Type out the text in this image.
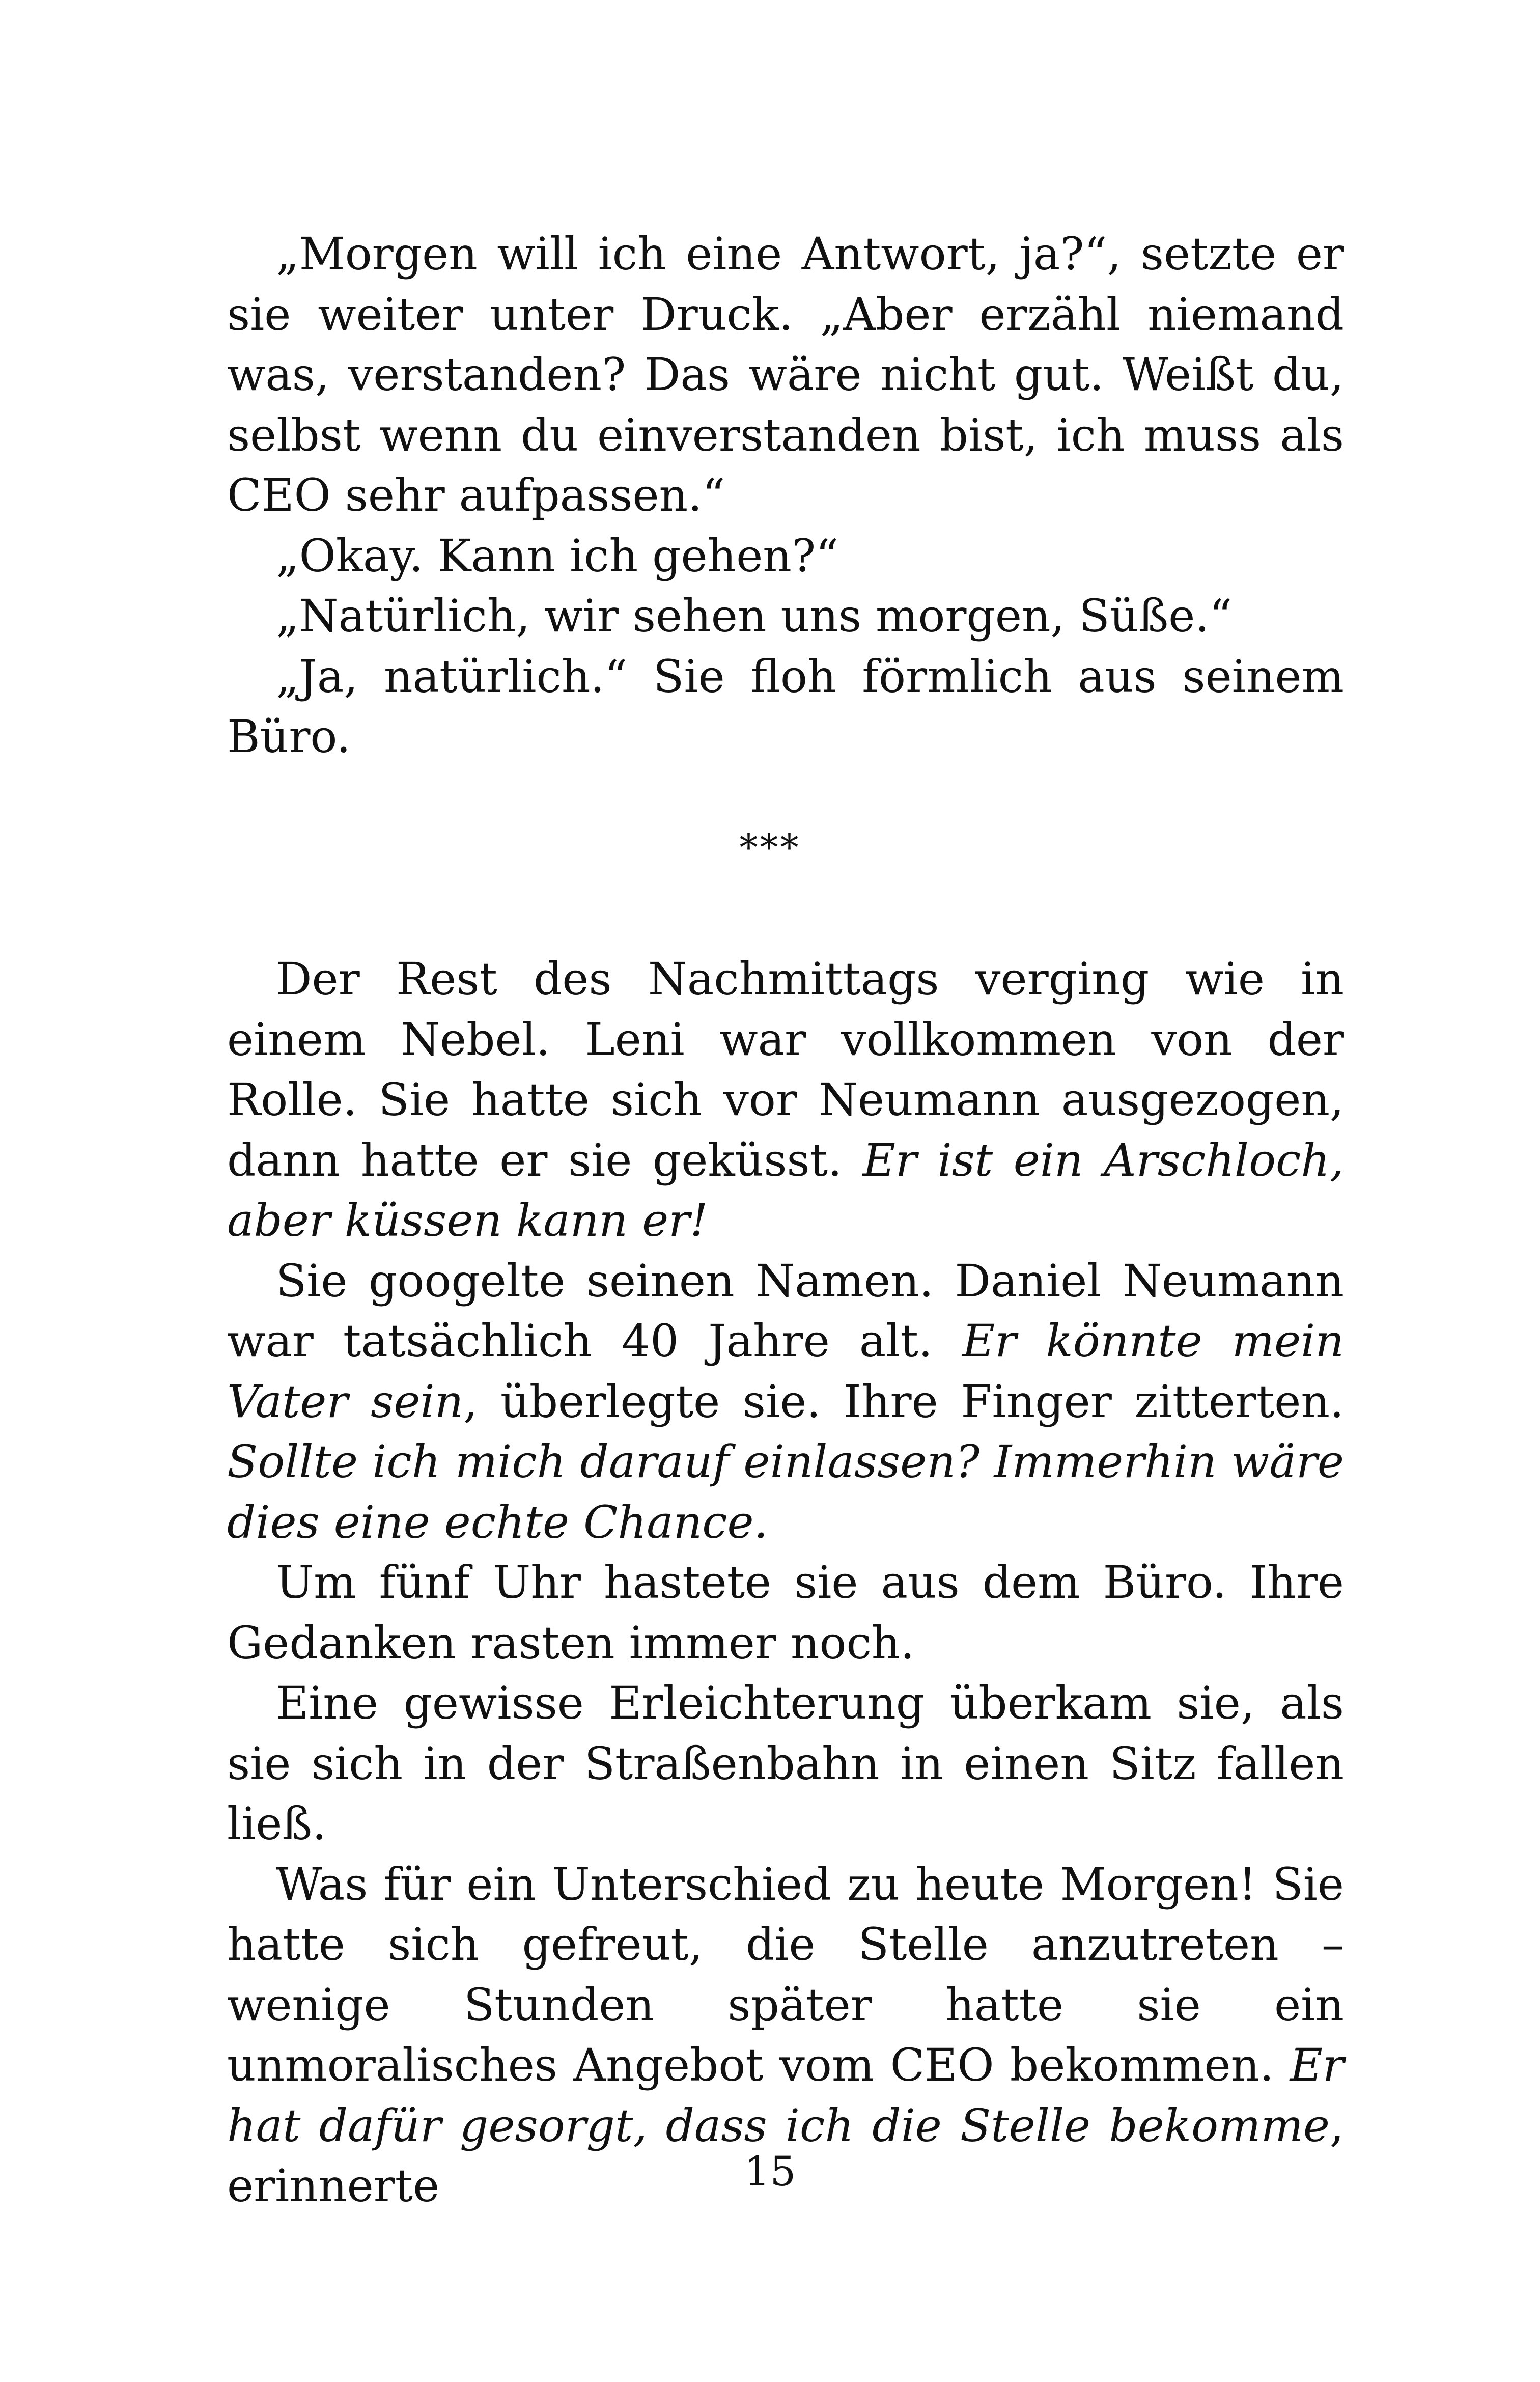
„Morgen will ich eine Antwort, ja?“, setzte er sie weiter unter Druck. „Aber erzähl niemand was, verstanden? Das wäre nicht gut. Weißt du, selbst wenn du einverstanden bist, ich muss als CEO sehr aufpassen.“

„Okay. Kann ich gehen?“

„Natürlich, wir sehen uns morgen, Süße.“

„Ja, natürlich.“ Sie floh förmlich aus seinem Büro.

***

Der Rest des Nachmittags verging wie in einem Nebel. Leni war vollkommen von der Rolle. Sie hatte sich vor Neumann ausgezogen, dann hatte er sie geküsst. Er ist ein Arschloch, aber küssen kann er!

Sie googelte seinen Namen. Daniel Neumann war tatsächlich 40 Jahre alt. Er könnte mein Vater sein, überlegte sie. Ihre Finger zitterten. Sollte ich mich darauf einlassen? Immerhin wäre dies eine echte Chance.

Um fünf Uhr hastete sie aus dem Büro. Ihre Gedanken rasten immer noch.

Eine gewisse Erleichterung überkam sie, als sie sich in der Straßenbahn in einen Sitz fallen ließ.

Was für ein Unterschied zu heute Morgen! Sie hatte sich gefreut, die Stelle anzutreten – wenige Stunden später hatte sie ein unmoralisches Angebot vom CEO bekommen. Er hat dafür gesorgt, dass ich die Stelle bekomme, erinnerte	15
